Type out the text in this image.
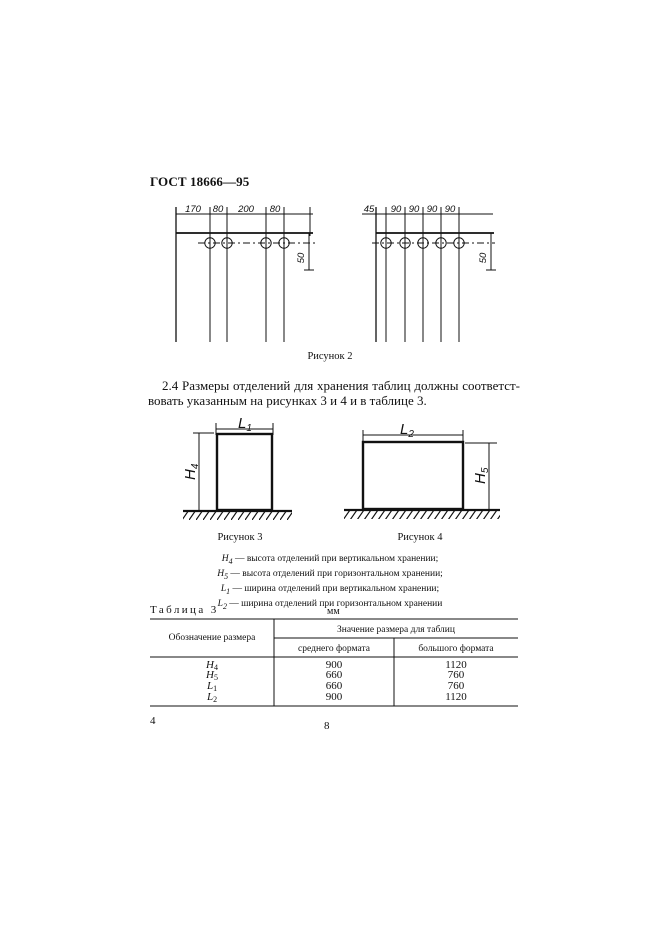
ГОСТ 18666—95
170 80 200 80	45 90 90 90 90
50	50
Рисунок 2
2.4 Размеры отделений для хранения таблиц должны соответст-
вовать указанным на рисунках 3 и 4 и в таблице 3.
$L_1$	$L_2$
$H_4$
$H_5$
Рисунок 3	Рисунок 4
$H_4$ — высота отделений при вертикальном хранении;
$H_5$ — высота отделений при горизонтальном хранении;
$L_1$ — ширина отделений при вертикальном хранении;
$L_2$ — ширина отделений при горизонтальном хранении
Таблица 3	мм
Обозначение размера
Значение размера для таблиц
среднего формата	большого формата
H4	900	1120
H5	660	760
L1	660	760
L2	900	1120
4	8
